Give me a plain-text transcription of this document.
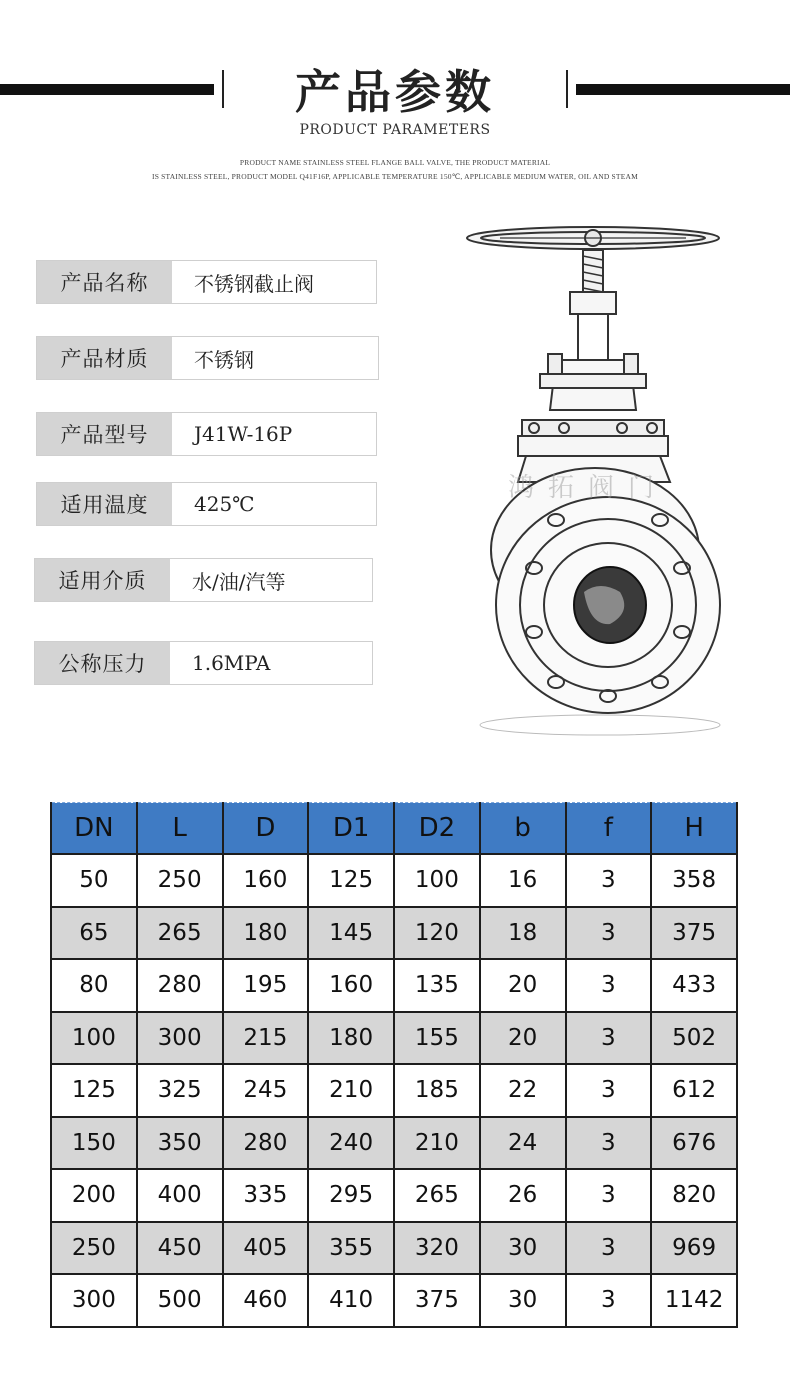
产品参数
PRODUCT PARAMETERS
PRODUCT NAME STAINLESS STEEL FLANGE BALL VALVE, THE PRODUCT MATERIAL
IS STAINLESS STEEL, PRODUCT MODEL Q41F16P, APPLICABLE TEMPERATURE 150℃, APPLICABLE MEDIUM WATER, OIL AND STEAM
产品名称	不锈钢截止阀
产品材质	不锈钢
产品型号	J41W-16P
适用温度	425℃
适用介质	水/油/汽等
公称压力	1.6MPA
鸿拓阀门
DN	L	D	D1	D2	b	f	H
50	250	160	125	100	16	3	358
65	265	180	145	120	18	3	375
80	280	195	160	135	20	3	433
100	300	215	180	155	20	3	502
125	325	245	210	185	22	3	612
150	350	280	240	210	24	3	676
200	400	335	295	265	26	3	820
250	450	405	355	320	30	3	969
300	500	460	410	375	30	3	1142
